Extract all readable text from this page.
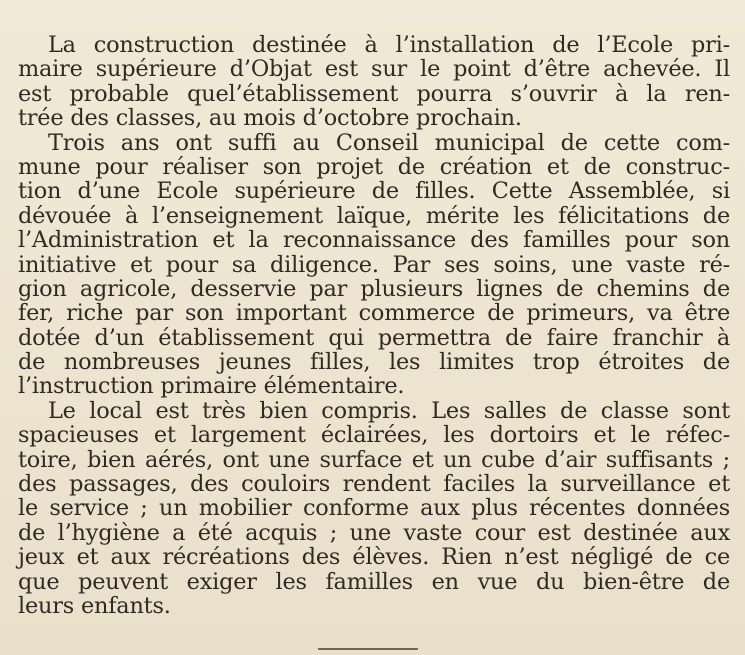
La construction destinée à l’installation de l’Ecole pri-
maire supérieure d’Objat est sur le point d’être achevée. Il
est probable quel’établissement pourra s’ouvrir à la ren-
trée des classes, au mois d’octobre prochain.
Trois ans ont suffi au Conseil municipal de cette com-
mune pour réaliser son projet de création et de construc-
tion d’une Ecole supérieure de filles. Cette Assemblée, si
dévouée à l’enseignement laïque, mérite les félicitations de
l’Administration et la reconnaissance des familles pour son
initiative et pour sa diligence. Par ses soins, une vaste ré-
gion agricole, desservie par plusieurs lignes de chemins de
fer, riche par son important commerce de primeurs, va être
dotée d’un établissement qui permettra de faire franchir à
de nombreuses jeunes filles, les limites trop étroites de
l’instruction primaire élémentaire.
Le local est très bien compris. Les salles de classe sont
spacieuses et largement éclairées, les dortoirs et le réfec-
toire, bien aérés, ont une surface et un cube d’air suffisants ;
des passages, des couloirs rendent faciles la surveillance et
le service ; un mobilier conforme aux plus récentes données
de l’hygiène a été acquis ; une vaste cour est destinée aux
jeux et aux récréations des élèves. Rien n’est négligé de ce
que peuvent exiger les familles en vue du bien-être de
leurs enfants.
